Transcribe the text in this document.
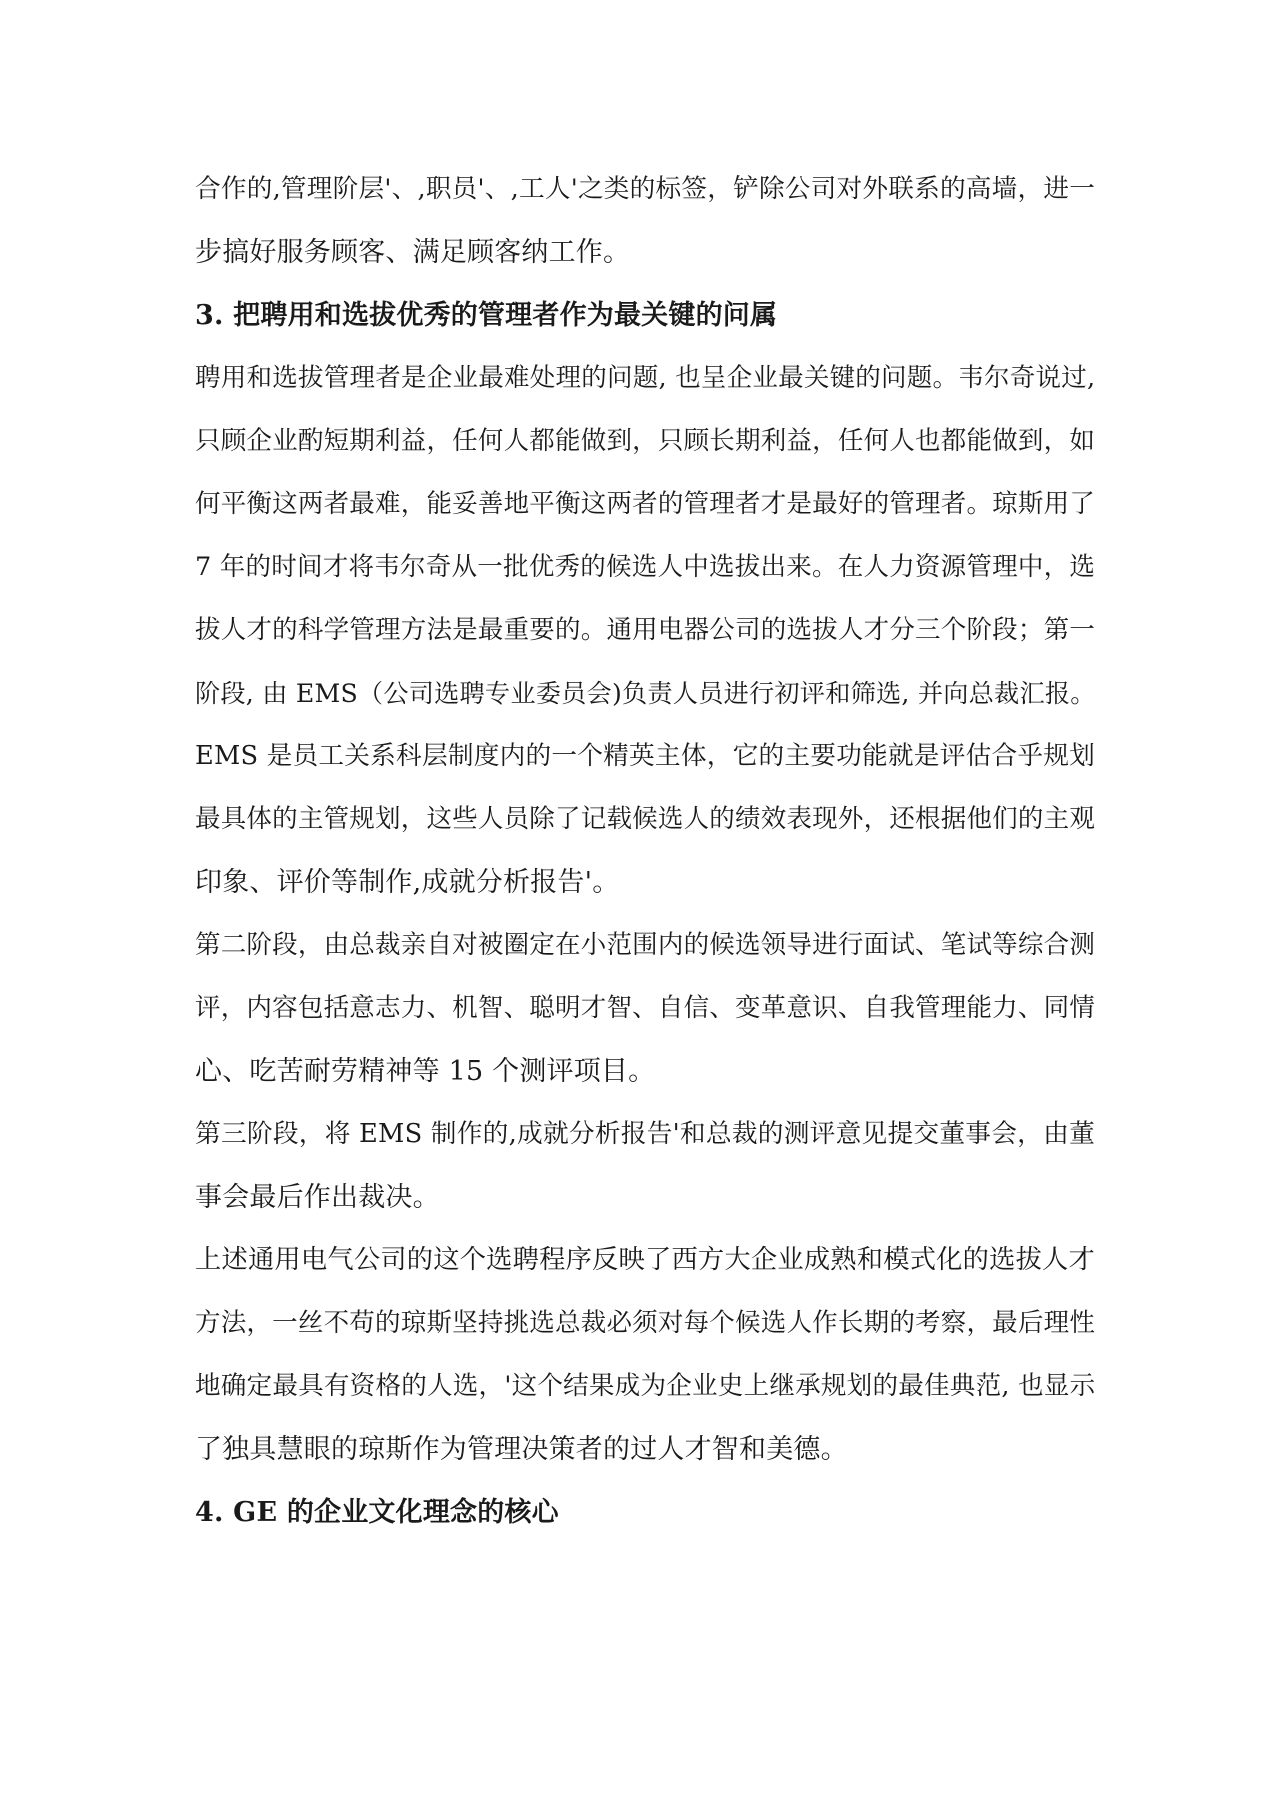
合作的,管理阶层'、,职员'、,工人'之类的标签，铲除公司对外联系的高墙，进一
步搞好服务顾客、满足顾客纳工作。
3. 把聘用和选拔优秀的管理者作为最关键的问属
聘用和选拔管理者是企业最难处理的问题, 也呈企业最关键的问题。韦尔奇说过,
只顾企业酌短期利益，任何人都能做到，只顾长期利益，任何人也都能做到，如
何平衡这两者最难，能妥善地平衡这两者的管理者才是最好的管理者。琼斯用了
7 年的时间才将韦尔奇从一批优秀的候选人中选拔出来。在人力资源管理中，选
拔人才的科学管理方法是最重要的。通用电器公司的选拔人才分三个阶段；第一
阶段, 由 EMS（公司选聘专业委员会)负责人员进行初评和筛选, 并向总裁汇报。
EMS 是员工关系科层制度内的一个精英主体，它的主要功能就是评估合乎规划
最具体的主管规划，这些人员除了记载候选人的绩效表现外，还根据他们的主观
印象、评价等制作,成就分析报告'。
第二阶段，由总裁亲自对被圈定在小范围内的候选领导进行面试、笔试等综合测
评，内容包括意志力、机智、聪明才智、自信、变革意识、自我管理能力、同情
心、吃苦耐劳精神等 15 个测评项目。
第三阶段，将 EMS 制作的,成就分析报告'和总裁的测评意见提交董事会，由董
事会最后作出裁决。
上述通用电气公司的这个选聘程序反映了西方大企业成熟和模式化的选拔人才
方法，一丝不苟的琼斯坚持挑选总裁必须对每个候选人作长期的考察，最后理性
地确定最具有资格的人选，'这个结果成为企业史上继承规划的最佳典范, 也显示
了独具慧眼的琼斯作为管理决策者的过人才智和美德。
4. GE 的企业文化理念的核心
